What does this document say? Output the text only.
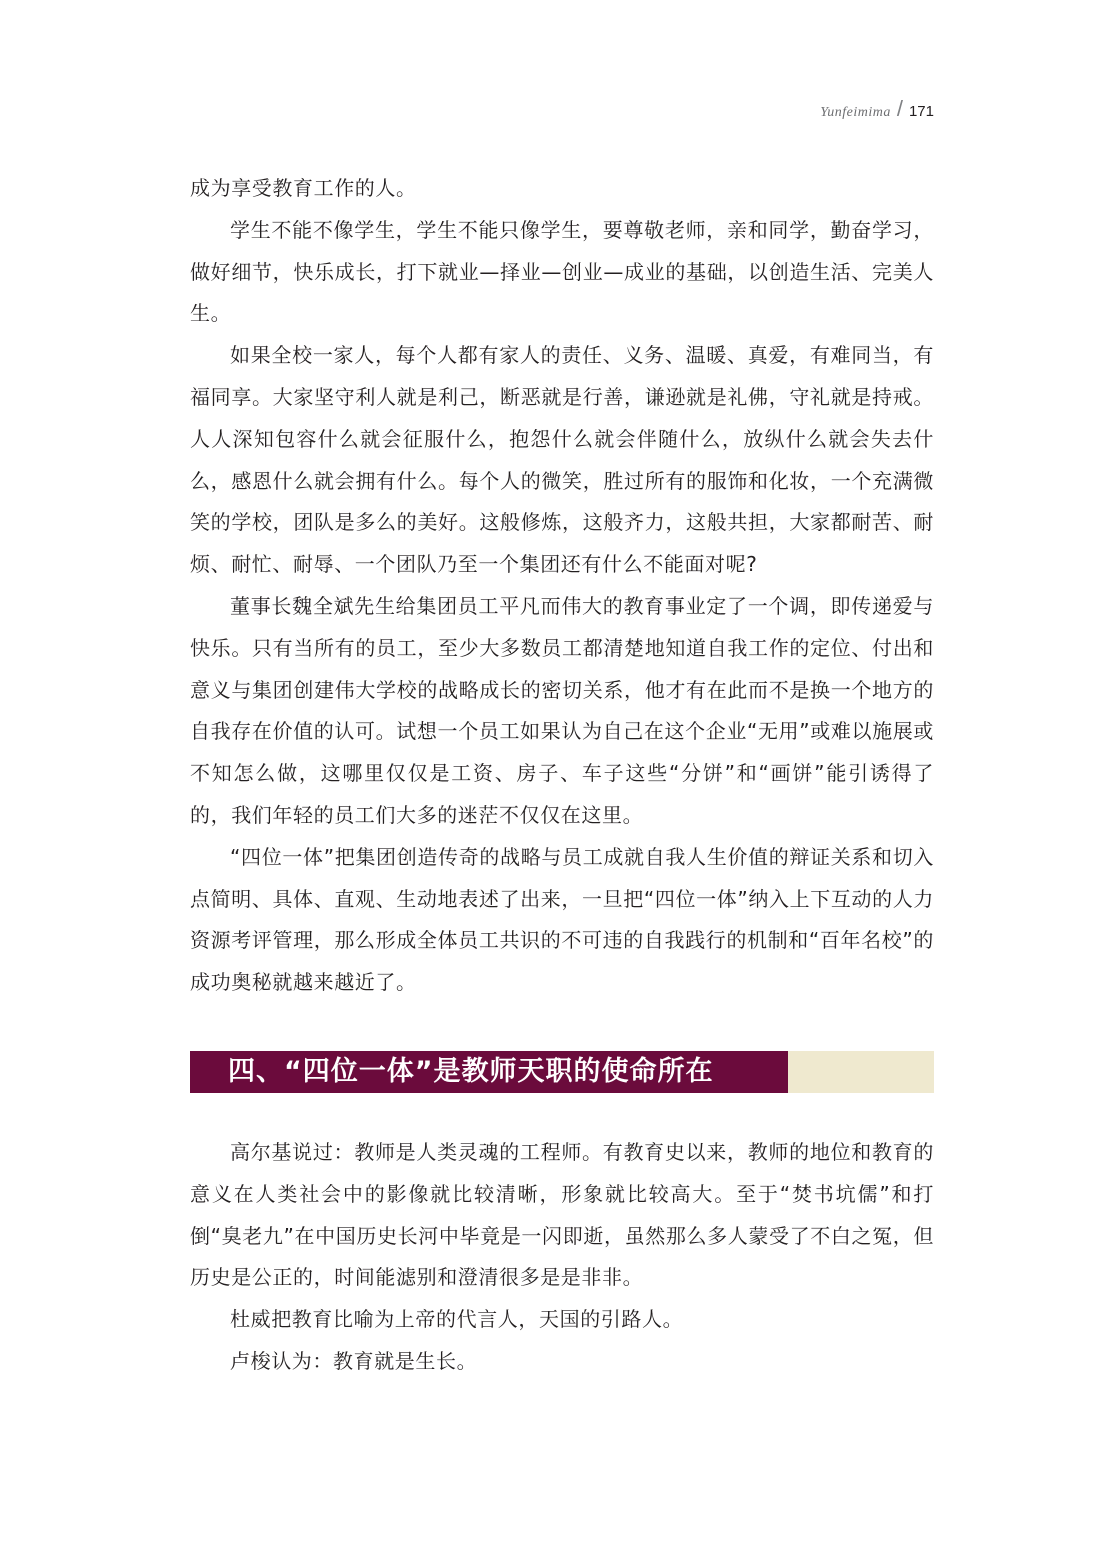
Yunfeimima / 171

成为享受教育工作的人。

学生不能不像学生，学生不能只像学生，要尊敬老师，亲和同学，勤奋学习，做好细节，快乐成长，打下就业—择业—创业—成业的基础，以创造生活、完美人生。

如果全校一家人，每个人都有家人的责任、义务、温暖、真爱，有难同当，有福同享。大家坚守利人就是利己，断恶就是行善，谦逊就是礼佛，守礼就是持戒。人人深知包容什么就会征服什么，抱怨什么就会伴随什么，放纵什么就会失去什么，感恩什么就会拥有什么。每个人的微笑，胜过所有的服饰和化妆，一个充满微笑的学校，团队是多么的美好。这般修炼，这般齐力，这般共担，大家都耐苦、耐烦、耐忙、耐辱、一个团队乃至一个集团还有什么不能面对呢?

董事长魏全斌先生给集团员工平凡而伟大的教育事业定了一个调，即传递爱与快乐。只有当所有的员工，至少大多数员工都清楚地知道自我工作的定位、付出和意义与集团创建伟大学校的战略成长的密切关系，他才有在此而不是换一个地方的自我存在价值的认可。试想一个员工如果认为自己在这个企业“无用”或难以施展或不知怎么做，这哪里仅仅是工资、房子、车子这些“分饼”和“画饼”能引诱得了的，我们年轻的员工们大多的迷茫不仅仅在这里。

“四位一体”把集团创造传奇的战略与员工成就自我人生价值的辩证关系和切入点简明、具体、直观、生动地表述了出来，一旦把“四位一体”纳入上下互动的人力资源考评管理，那么形成全体员工共识的不可违的自我践行的机制和“百年名校”的成功奥秘就越来越近了。

四、“四位一体”是教师天职的使命所在

高尔基说过：教师是人类灵魂的工程师。有教育史以来，教师的地位和教育的意义在人类社会中的影像就比较清晰，形象就比较高大。至于“焚书坑儒”和打倒“臭老九”在中国历史长河中毕竟是一闪即逝，虽然那么多人蒙受了不白之冤，但历史是公正的，时间能滤别和澄清很多是是非非。

杜威把教育比喻为上帝的代言人，天国的引路人。

卢梭认为：教育就是生长。
